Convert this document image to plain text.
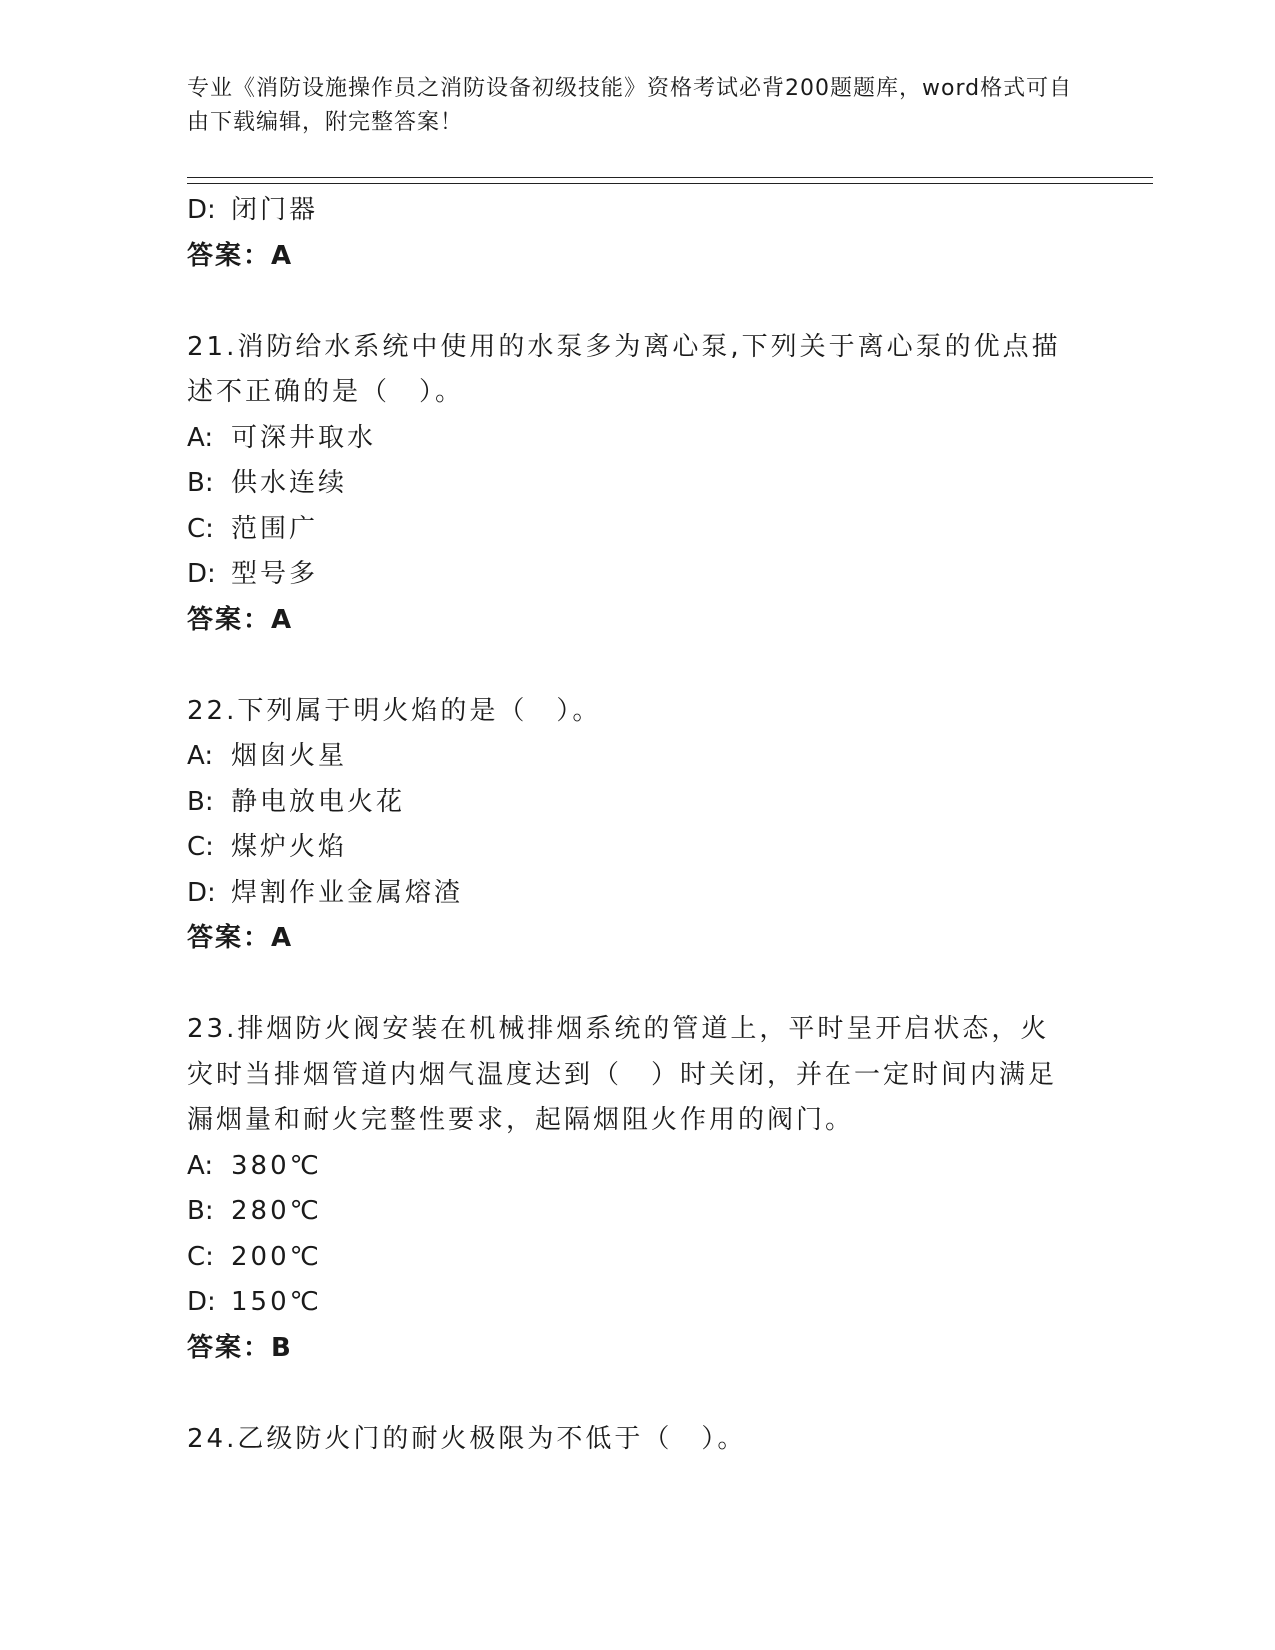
专业《消防设施操作员之消防设备初级技能》资格考试必背200题题库，word格式可自由下载编辑，附完整答案！
D: 闭门器
答案：A
21.消防给水系统中使用的水泵多为离心泵,下列关于离心泵的优点描述不正确的是（　）。
A: 可深井取水
B: 供水连续
C: 范围广
D: 型号多
答案：A
22.下列属于明火焰的是（　）。
A: 烟囱火星
B: 静电放电火花
C: 煤炉火焰
D: 焊割作业金属熔渣
答案：A
23.排烟防火阀安装在机械排烟系统的管道上，平时呈开启状态，火灾时当排烟管道内烟气温度达到（　）时关闭，并在一定时间内满足漏烟量和耐火完整性要求，起隔烟阻火作用的阀门。
A: 380℃
B: 280℃
C: 200℃
D: 150℃
答案：B
24.乙级防火门的耐火极限为不低于（　）。
